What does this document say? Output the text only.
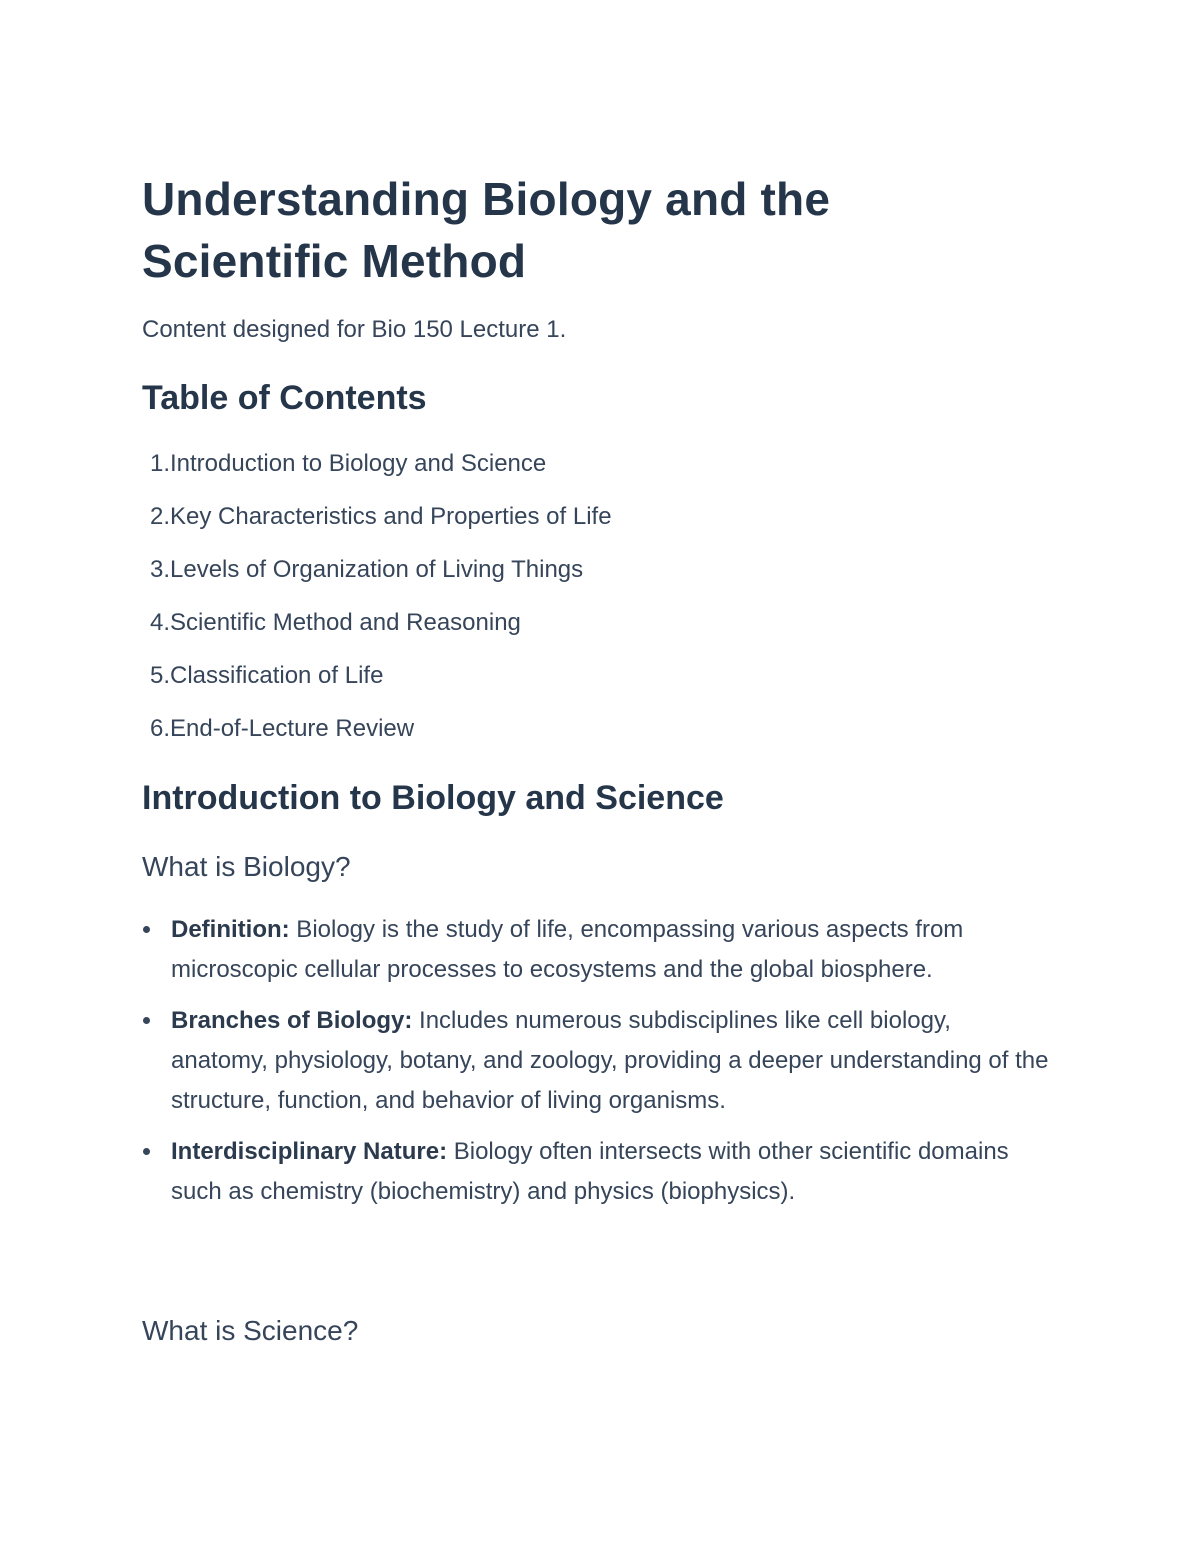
Understanding Biology and the Scientific Method

Content designed for Bio 150 Lecture 1.

Table of Contents
1. Introduction to Biology and Science
2. Key Characteristics and Properties of Life
3. Levels of Organization of Living Things
4. Scientific Method and Reasoning
5. Classification of Life
6. End-of-Lecture Review
Introduction to Biology and Science
What is Biology?
Definition: Biology is the study of life, encompassing various aspects from microscopic cellular processes to ecosystems and the global biosphere.
Branches of Biology: Includes numerous subdisciplines like cell biology, anatomy, physiology, botany, and zoology, providing a deeper understanding of the structure, function, and behavior of living organisms.
Interdisciplinary Nature: Biology often intersects with other scientific domains such as chemistry (biochemistry) and physics (biophysics).
What is Science?
